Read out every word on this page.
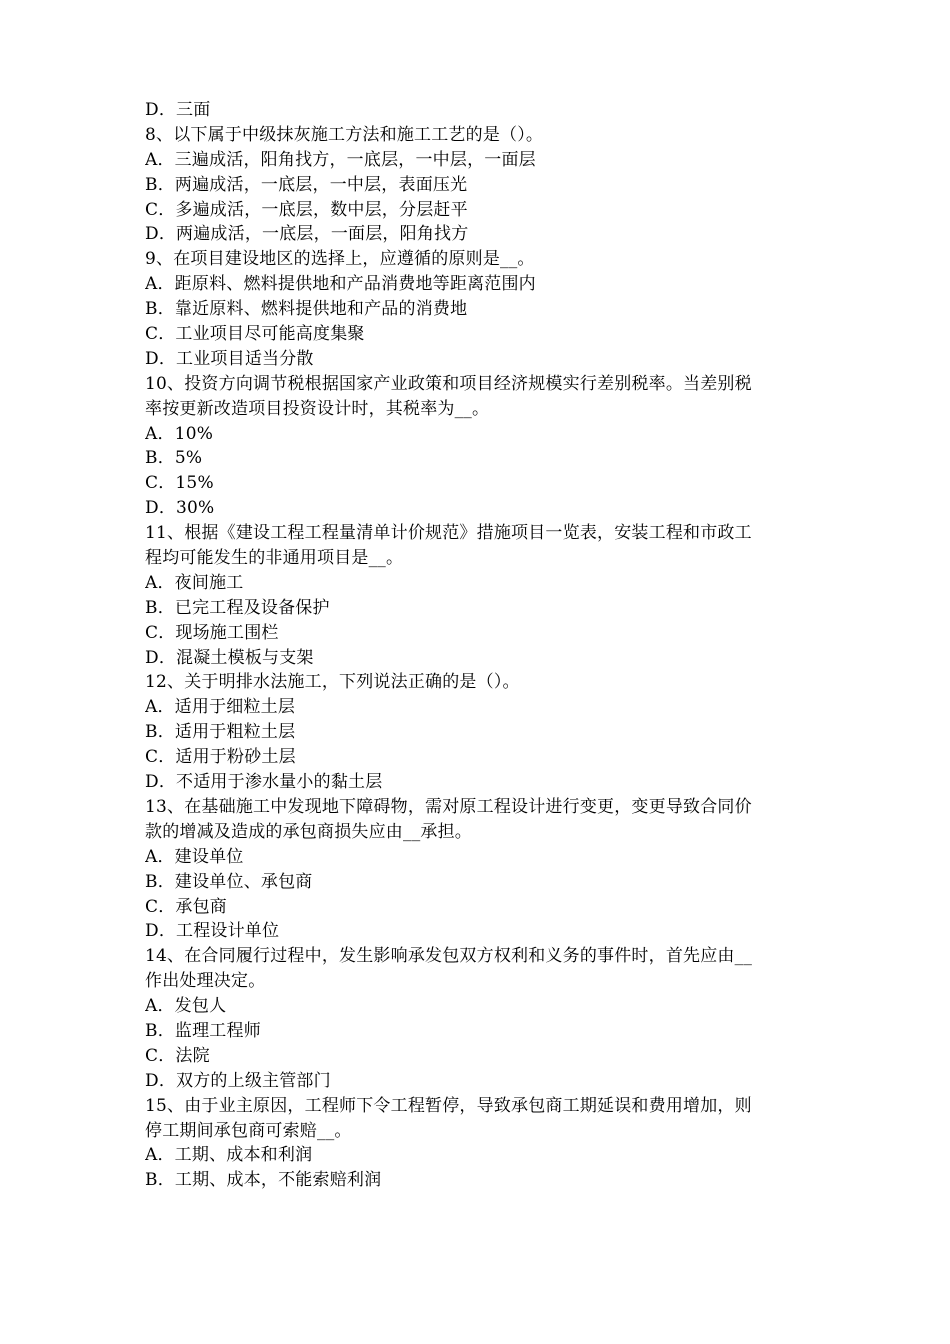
D．三面
8、以下属于中级抹灰施工方法和施工工艺的是（）。
A．三遍成活，阳角找方，一底层，一中层，一面层
B．两遍成活，一底层，一中层，表面压光
C．多遍成活，一底层，数中层，分层赶平
D．两遍成活，一底层，一面层，阳角找方
9、在项目建设地区的选择上，应遵循的原则是__。
A．距原料、燃料提供地和产品消费地等距离范围内
B．靠近原料、燃料提供地和产品的消费地
C．工业项目尽可能高度集聚
D．工业项目适当分散
10、投资方向调节税根据国家产业政策和项目经济规模实行差别税率。当差别税
率按更新改造项目投资设计时，其税率为__。
A．10%
B．5%
C．15%
D．30%
11、根据《建设工程工程量清单计价规范》措施项目一览表，安装工程和市政工
程均可能发生的非通用项目是__。
A．夜间施工
B．已完工程及设备保护
C．现场施工围栏
D．混凝土模板与支架
12、关于明排水法施工，下列说法正确的是（）。
A．适用于细粒土层
B．适用于粗粒土层
C．适用于粉砂土层
D．不适用于渗水量小的黏土层
13、在基础施工中发现地下障碍物，需对原工程设计进行变更，变更导致合同价
款的增减及造成的承包商损失应由__承担。
A．建设单位
B．建设单位、承包商
C．承包商
D．工程设计单位
14、在合同履行过程中，发生影响承发包双方权利和义务的事件时，首先应由__
作出处理决定。
A．发包人
B．监理工程师
C．法院
D．双方的上级主管部门
15、由于业主原因，工程师下令工程暂停，导致承包商工期延误和费用增加，则
停工期间承包商可索赔__。
A．工期、成本和利润
B．工期、成本，不能索赔利润
